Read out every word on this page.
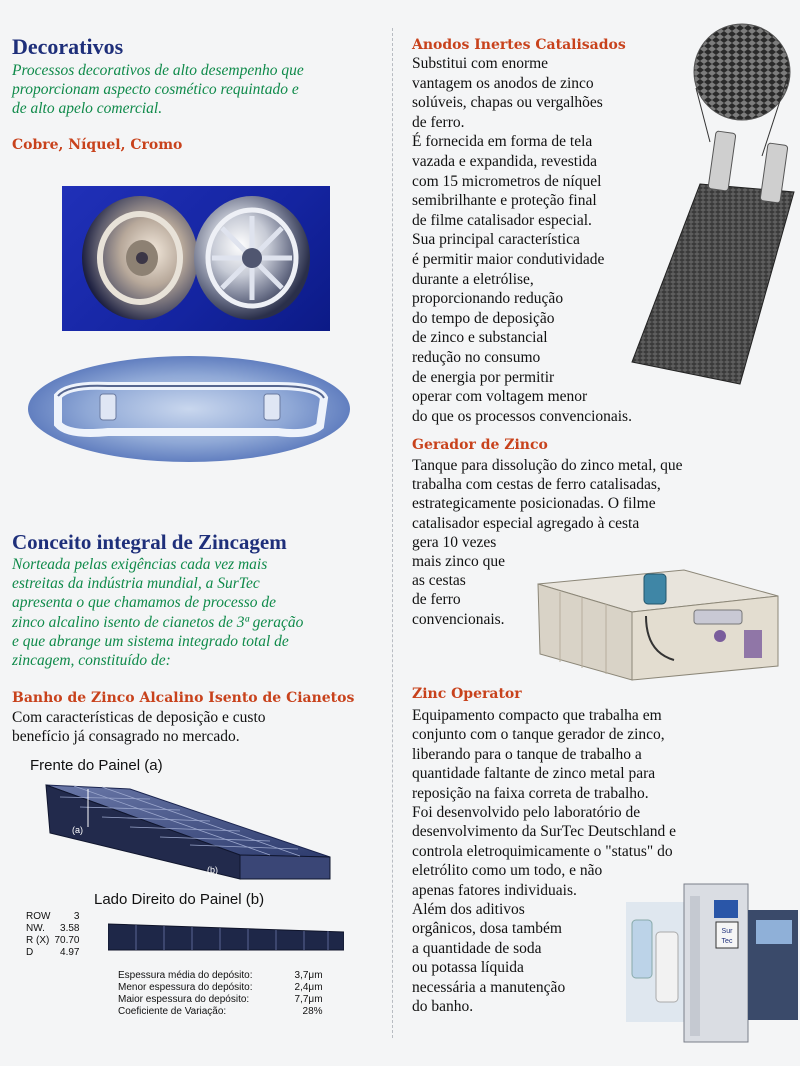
Decorativos
Processos decorativos de alto desempenho que
proporcionam aspecto cosmético requintado e
de alto apelo comercial.
Cobre, Níquel, Cromo
Conceito integral de Zincagem
Norteada pelas exigências cada vez mais
estreitas da indústria mundial, a SurTec
apresenta o que chamamos de processo de
zinco alcalino isento de cianetos de 3ª geração
e que abrange um sistema integrado total de
zincagem, constituído de:
Banho de Zinco Alcalino Isento de Cianetos
Com características de deposição e custo
benefício já consagrado no mercado.
Frente do Painel (a)
(a)
(b)
Lado Direito do Painel (b)
ROW	3
NW.	3.58
R (X)	70.70
D	4.97
Espessura média do depósito:	3,7μm
Menor espessura do depósito:	2,4μm
Maior espessura do depósito:	7,7μm
Coeficiente de Variação:	28%
Anodos Inertes Catalisados
Substitui com enorme
vantagem os anodos de zinco
solúveis, chapas ou vergalhões
de ferro.
É fornecida em forma de tela
vazada e expandida, revestida
com 15 micrometros de níquel
semibrilhante e proteção final
de filme catalisador especial.
Sua principal característica
é permitir maior condutividade
durante a eletrólise,
proporcionando redução
do tempo de deposição
de zinco e substancial
redução no consumo
de energia por permitir
operar com voltagem menor
do que os processos convencionais.
Gerador de Zinco
Tanque para dissolução do zinco metal, que
trabalha com cestas de ferro catalisadas,
estrategicamente posicionadas. O filme
catalisador especial agregado à cesta
gera 10 vezes
mais zinco que
as cestas
de ferro
convencionais.
Zinc Operator
Equipamento compacto que trabalha em
conjunto com o tanque gerador de zinco,
liberando para o tanque de trabalho a
quantidade faltante de zinco metal para
reposição na faixa correta de trabalho.
Foi desenvolvido pelo laboratório de
desenvolvimento da SurTec Deutschland e
controla eletroquimicamente o "status" do
eletrólito como um todo, e não
apenas fatores individuais.
Além dos aditivos
orgânicos, dosa também
a quantidade de soda
ou potassa líquida
necessária a manutenção
do banho.
Sur
Tec
